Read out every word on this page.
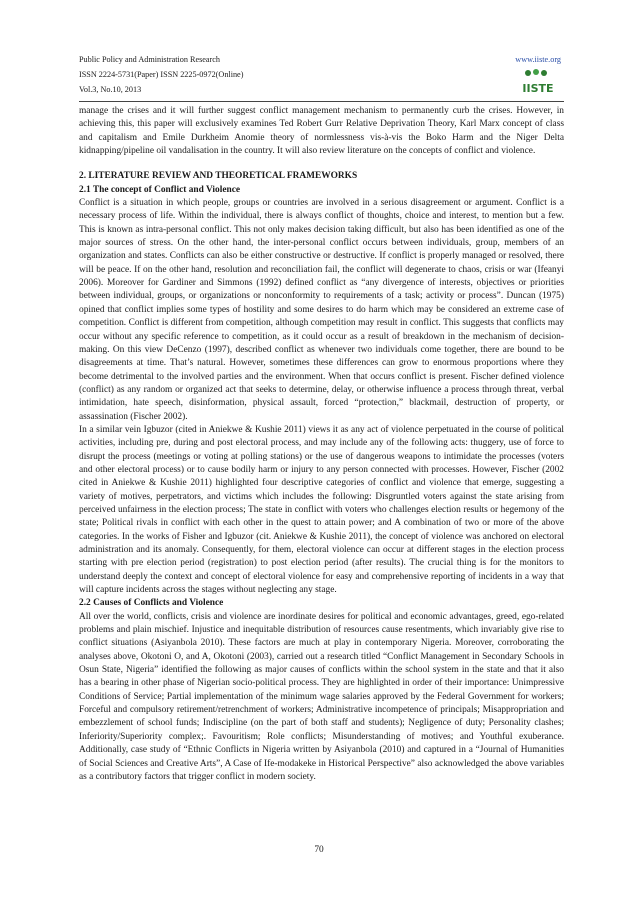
Public Policy and Administration Research
ISSN 2224-5731(Paper) ISSN 2225-0972(Online)
Vol.3, No.10, 2013
www.iiste.org
IISTE

manage the crises and it will further suggest conflict management mechanism to permanently curb the crises. However, in achieving this, this paper will exclusively examines Ted Robert Gurr Relative Deprivation Theory, Karl Marx concept of class and capitalism and Emile Durkheim Anomie theory of normlessness vis-à-vis the Boko Harm and the Niger Delta kidnapping/pipeline oil vandalisation in the country. It will also review literature on the concepts of conflict and violence.

2. LITERATURE REVIEW AND THEORETICAL FRAMEWORKS

2.1 The concept of Conflict and Violence

Conflict is a situation in which people, groups or countries are involved in a serious disagreement or argument. Conflict is a necessary process of life. Within the individual, there is always conflict of thoughts, choice and interest, to mention but a few. This is known as intra-personal conflict. This not only makes decision taking difficult, but also has been identified as one of the major sources of stress. On the other hand, the inter-personal conflict occurs between individuals, group, members of an organization and states. Conflicts can also be either constructive or destructive. If conflict is properly managed or resolved, there will be peace. If on the other hand, resolution and reconciliation fail, the conflict will degenerate to chaos, crisis or war (Ifeanyi 2006). Moreover for Gardiner and Simmons (1992) defined conflict as “any divergence of interests, objectives or priorities between individual, groups, or organizations or nonconformity to requirements of a task; activity or process”. Duncan (1975) opined that conflict implies some types of hostility and some desires to do harm which may be considered an extreme case of competition. Conflict is different from competition, although competition may result in conflict. This suggests that conflicts may occur without any specific reference to competition, as it could occur as a result of breakdown in the mechanism of decision-making. On this view DeCenzo (1997), described conflict as whenever two individuals come together, there are bound to be disagreements at time. That’s natural. However, sometimes these differences can grow to enormous proportions where they become detrimental to the involved parties and the environment. When that occurs conflict is present. Fischer defined violence (conflict) as any random or organized act that seeks to determine, delay, or otherwise influence a process through threat, verbal intimidation, hate speech, disinformation, physical assault, forced “protection,” blackmail, destruction of property, or assassination (Fischer 2002).

In a similar vein Igbuzor (cited in Aniekwe & Kushie 2011) views it as any act of violence perpetuated in the course of political activities, including pre, during and post electoral process, and may include any of the following acts: thuggery, use of force to disrupt the process (meetings or voting at polling stations) or the use of dangerous weapons to intimidate the processes (voters and other electoral process) or to cause bodily harm or injury to any person connected with processes. However, Fischer (2002 cited in Aniekwe & Kushie 2011) highlighted four descriptive categories of conflict and violence that emerge, suggesting a variety of motives, perpetrators, and victims which includes the following: Disgruntled voters against the state arising from perceived unfairness in the election process; The state in conflict with voters who challenges election results or hegemony of the state; Political rivals in conflict with each other in the quest to attain power; and A combination of two or more of the above categories. In the works of Fisher and Igbuzor (cit. Aniekwe & Kushie 2011), the concept of violence was anchored on electoral administration and its anomaly. Consequently, for them, electoral violence can occur at different stages in the election process starting with pre election period (registration) to post election period (after results). The crucial thing is for the monitors to understand deeply the context and concept of electoral violence for easy and comprehensive reporting of incidents in a way that will capture incidents across the stages without neglecting any stage.

2.2 Causes of Conflicts and Violence

All over the world, conflicts, crisis and violence are inordinate desires for political and economic advantages, greed, ego-related problems and plain mischief. Injustice and inequitable distribution of resources cause resentments, which invariably give rise to conflict situations (Asiyanbola 2010). These factors are much at play in contemporary Nigeria. Moreover, corroborating the analyses above, Okotoni O, and A, Okotoni (2003), carried out a research titled “Conflict Management in Secondary Schools in Osun State, Nigeria” identified the following as major causes of conflicts within the school system in the state and that it also has a bearing in other phase of Nigerian socio-political process. They are highlighted in order of their importance: Unimpressive Conditions of Service; Partial implementation of the minimum wage salaries approved by the Federal Government for workers; Forceful and compulsory retirement/retrenchment of workers; Administrative incompetence of principals; Misappropriation and embezzlement of school funds; Indiscipline (on the part of both staff and students); Negligence of duty; Personality clashes; Inferiority/Superiority complex;. Favouritism; Role conflicts; Misunderstanding of motives; and Youthful exuberance. Additionally, case study of “Ethnic Conflicts in Nigeria written by Asiyanbola (2010) and captured in a “Journal of Humanities of Social Sciences and Creative Arts”, A Case of Ife-modakeke in Historical Perspective” also acknowledged the above variables as a contributory factors that trigger conflict in modern society.

70
